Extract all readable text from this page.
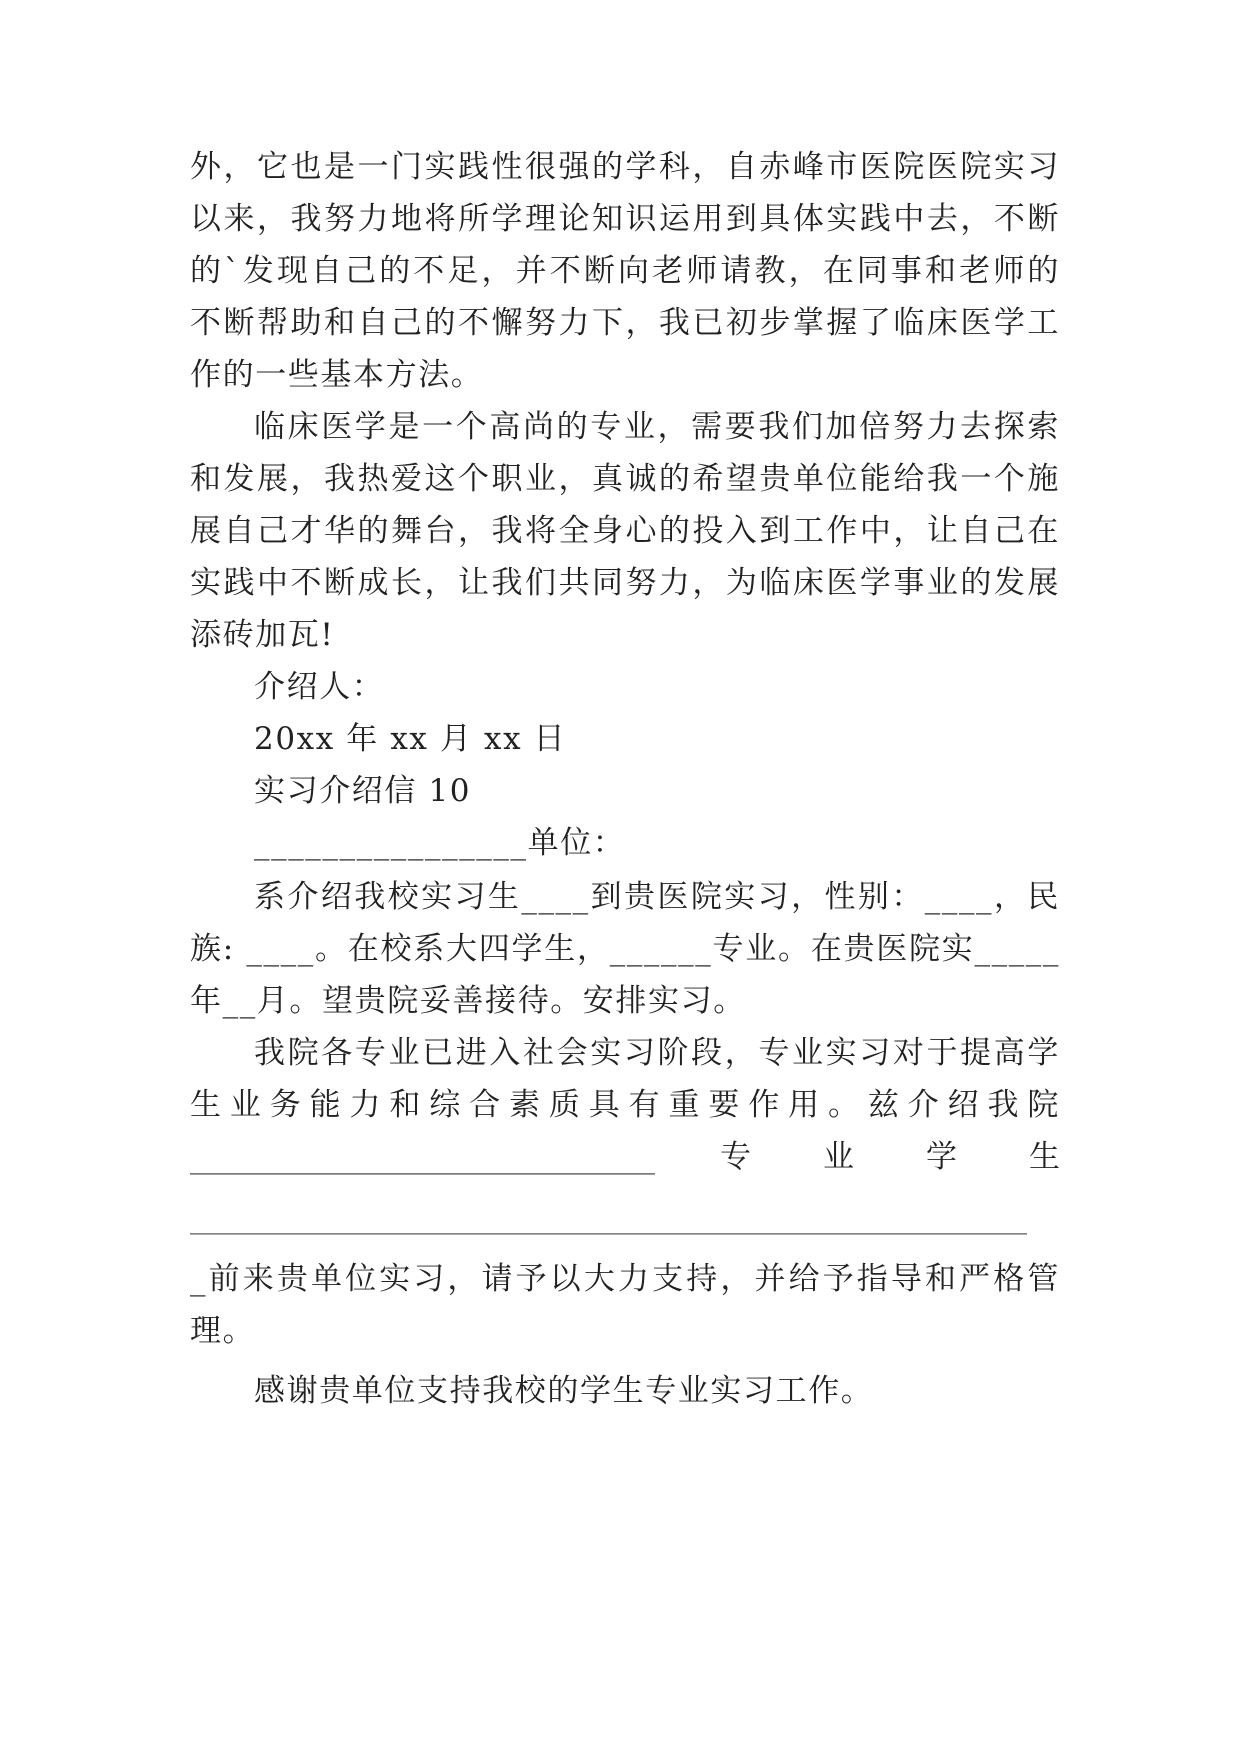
外，它也是一门实践性很强的学科，自赤峰市医院医院实习
以来，我努力地将所学理论知识运用到具体实践中去，不断
的`发现自己的不足，并不断向老师请教，在同事和老师的
不断帮助和自己的不懈努力下，我已初步掌握了临床医学工
作的一些基本方法。
临床医学是一个高尚的专业，需要我们加倍努力去探索
和发展，我热爱这个职业，真诚的希望贵单位能给我一个施
展自己才华的舞台，我将全身心的投入到工作中，让自己在
实践中不断成长，让我们共同努力，为临床医学事业的发展
添砖加瓦!
介绍人：
20xx 年 xx 月 xx 日
实习介绍信 10
________________单位：
系介绍我校实习生____到贵医院实习，性别：____，民
族: ____。在校系大四学生，______专业。在贵医院实_____
年__月。望贵院妥善接待。安排实习。
我院各专业已进入社会实习阶段，专业实习对于提高学
生业务能力和综合素质具有重要作用。兹介绍我院
______________________________ 专业学生
______________________________________________________
_前来贵单位实习，请予以大力支持，并给予指导和严格管
理。
感谢贵单位支持我校的学生专业实习工作。
